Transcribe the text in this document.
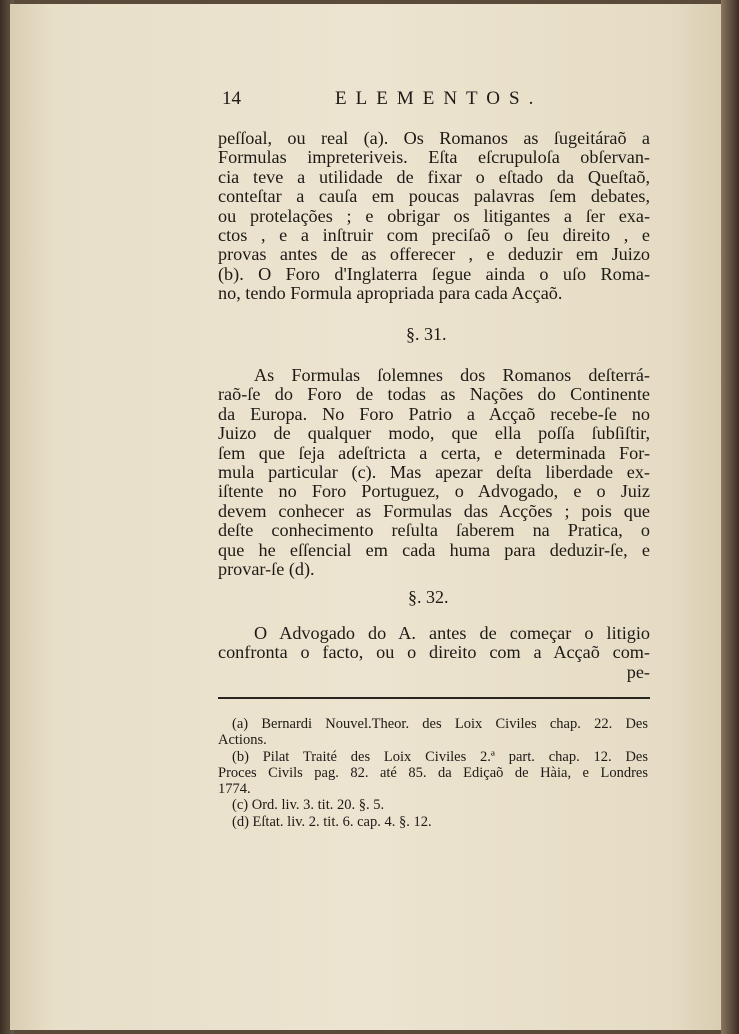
14	ELEMENTOS.
peſſoal, ou real (a). Os Romanos as ſugeitáraõ a
Formulas impreteriveis. Eſta eſcrupuloſa obſervan-
cia teve a utilidade de fixar o eſtado da Queſtaõ,
conteſtar a cauſa em poucas palavras ſem debates,
ou protelações ; e obrigar os litigantes a ſer exa-
ctos , e a inſtruir com preciſaõ o ſeu direito , e
provas antes de as offerecer , e deduzir em Juizo
(b). O Foro d'Inglaterra ſegue ainda o uſo Roma-
no, tendo Formula apropriada para cada Acçaõ.
§. 31.
As Formulas ſolemnes dos Romanos deſterrá-
raõ-ſe do Foro de todas as Nações do Continente
da Europa. No Foro Patrio a Acçaõ recebe-ſe no
Juizo de qualquer modo, que ella poſſa ſubſiſtir,
ſem que ſeja adeſtricta a certa, e determinada For-
mula particular (c). Mas apezar deſta liberdade ex-
iſtente no Foro Portuguez, o Advogado, e o Juiz
devem conhecer as Formulas das Acções ; pois que
deſte conhecimento reſulta ſaberem na Pratica, o
que he eſſencial em cada huma para deduzir-ſe, e
provar-ſe (d).
§. 32.
O Advogado do A. antes de começar o litigio
confronta o facto, ou o direito com a Acçaõ com-
pe-
(a) Bernardi Nouvel.Theor. des Loix Civiles chap. 22. Des
Actions.
(b) Pilat Traité des Loix Civiles 2.ª part. chap. 12. Des
Proces Civils pag. 82. até 85. da Ediçaõ de Hàia, e Londres
1774.
(c) Ord. liv. 3. tit. 20. §. 5.
(d) Eſtat. liv. 2. tit. 6. cap. 4. §. 12.
